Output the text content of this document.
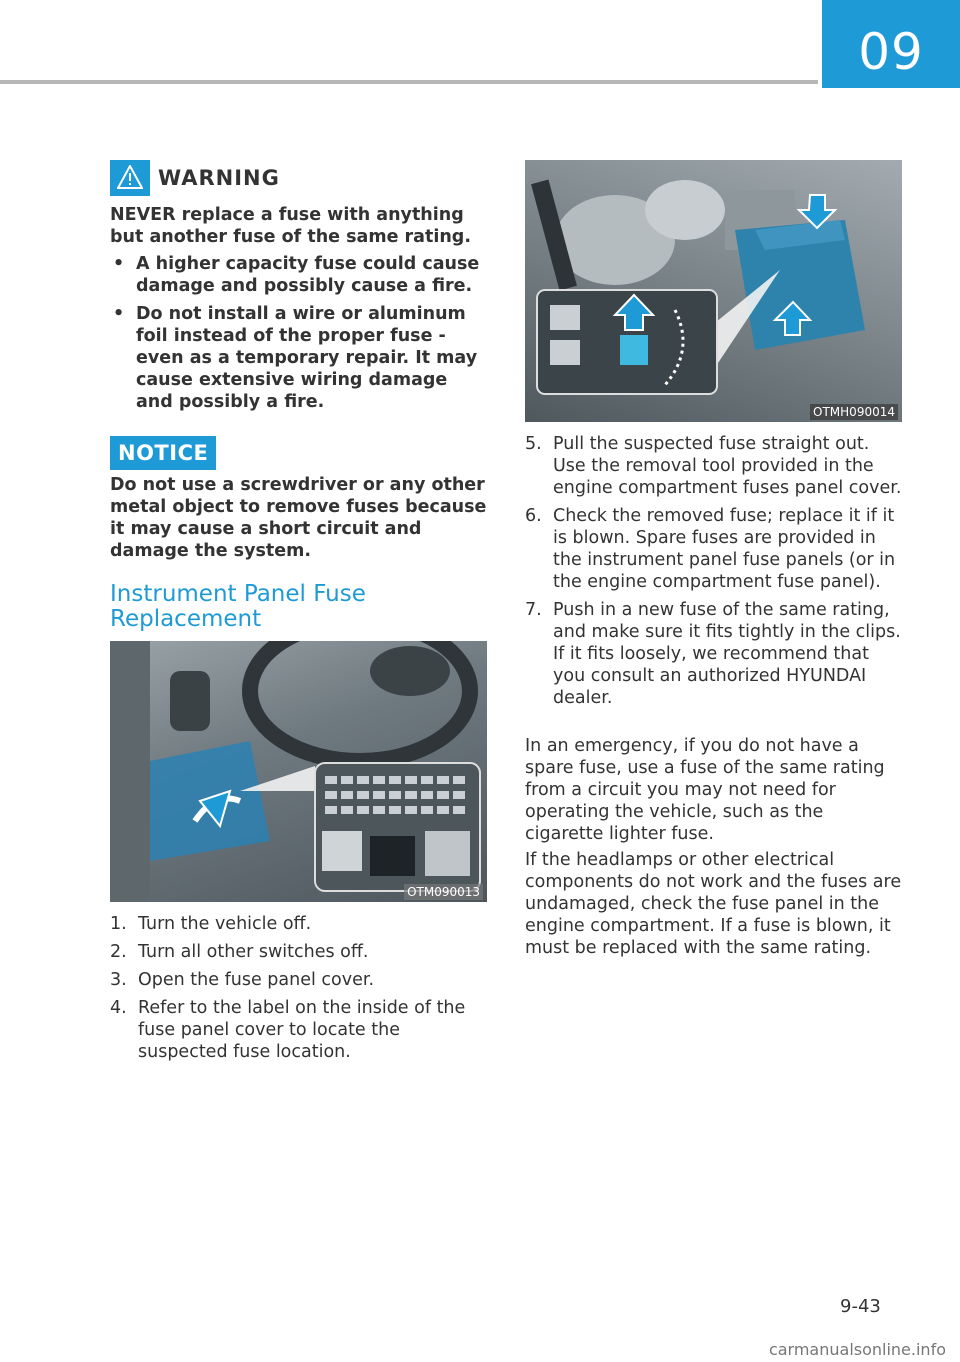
09
WARNING
NEVER replace a fuse with anything but another fuse of the same rating.
• A higher capacity fuse could cause damage and possibly cause a fire.
• Do not install a wire or aluminum foil instead of the proper fuse - even as a temporary repair. It may cause extensive wiring damage and possibly a fire.
NOTICE
Do not use a screwdriver or any other metal object to remove fuses because it may cause a short circuit and damage the system.
Instrument Panel Fuse Replacement
OTM090013
1. Turn the vehicle off.
2. Turn all other switches off.
3. Open the fuse panel cover.
4. Refer to the label on the inside of the fuse panel cover to locate the suspected fuse location.
OTMH090014
5. Pull the suspected fuse straight out. Use the removal tool provided in the engine compartment fuses panel cover.
6. Check the removed fuse; replace it if it is blown. Spare fuses are provided in the instrument panel fuse panels (or in the engine compartment fuse panel).
7. Push in a new fuse of the same rating, and make sure it fits tightly in the clips. If it fits loosely, we recommend that you consult an authorized HYUNDAI dealer.

In an emergency, if you do not have a spare fuse, use a fuse of the same rating from a circuit you may not need for operating the vehicle, such as the cigarette lighter fuse.

If the headlamps or other electrical components do not work and the fuses are undamaged, check the fuse panel in the engine compartment. If a fuse is blown, it must be replaced with the same rating.

9-43
carmanualsonline.info
